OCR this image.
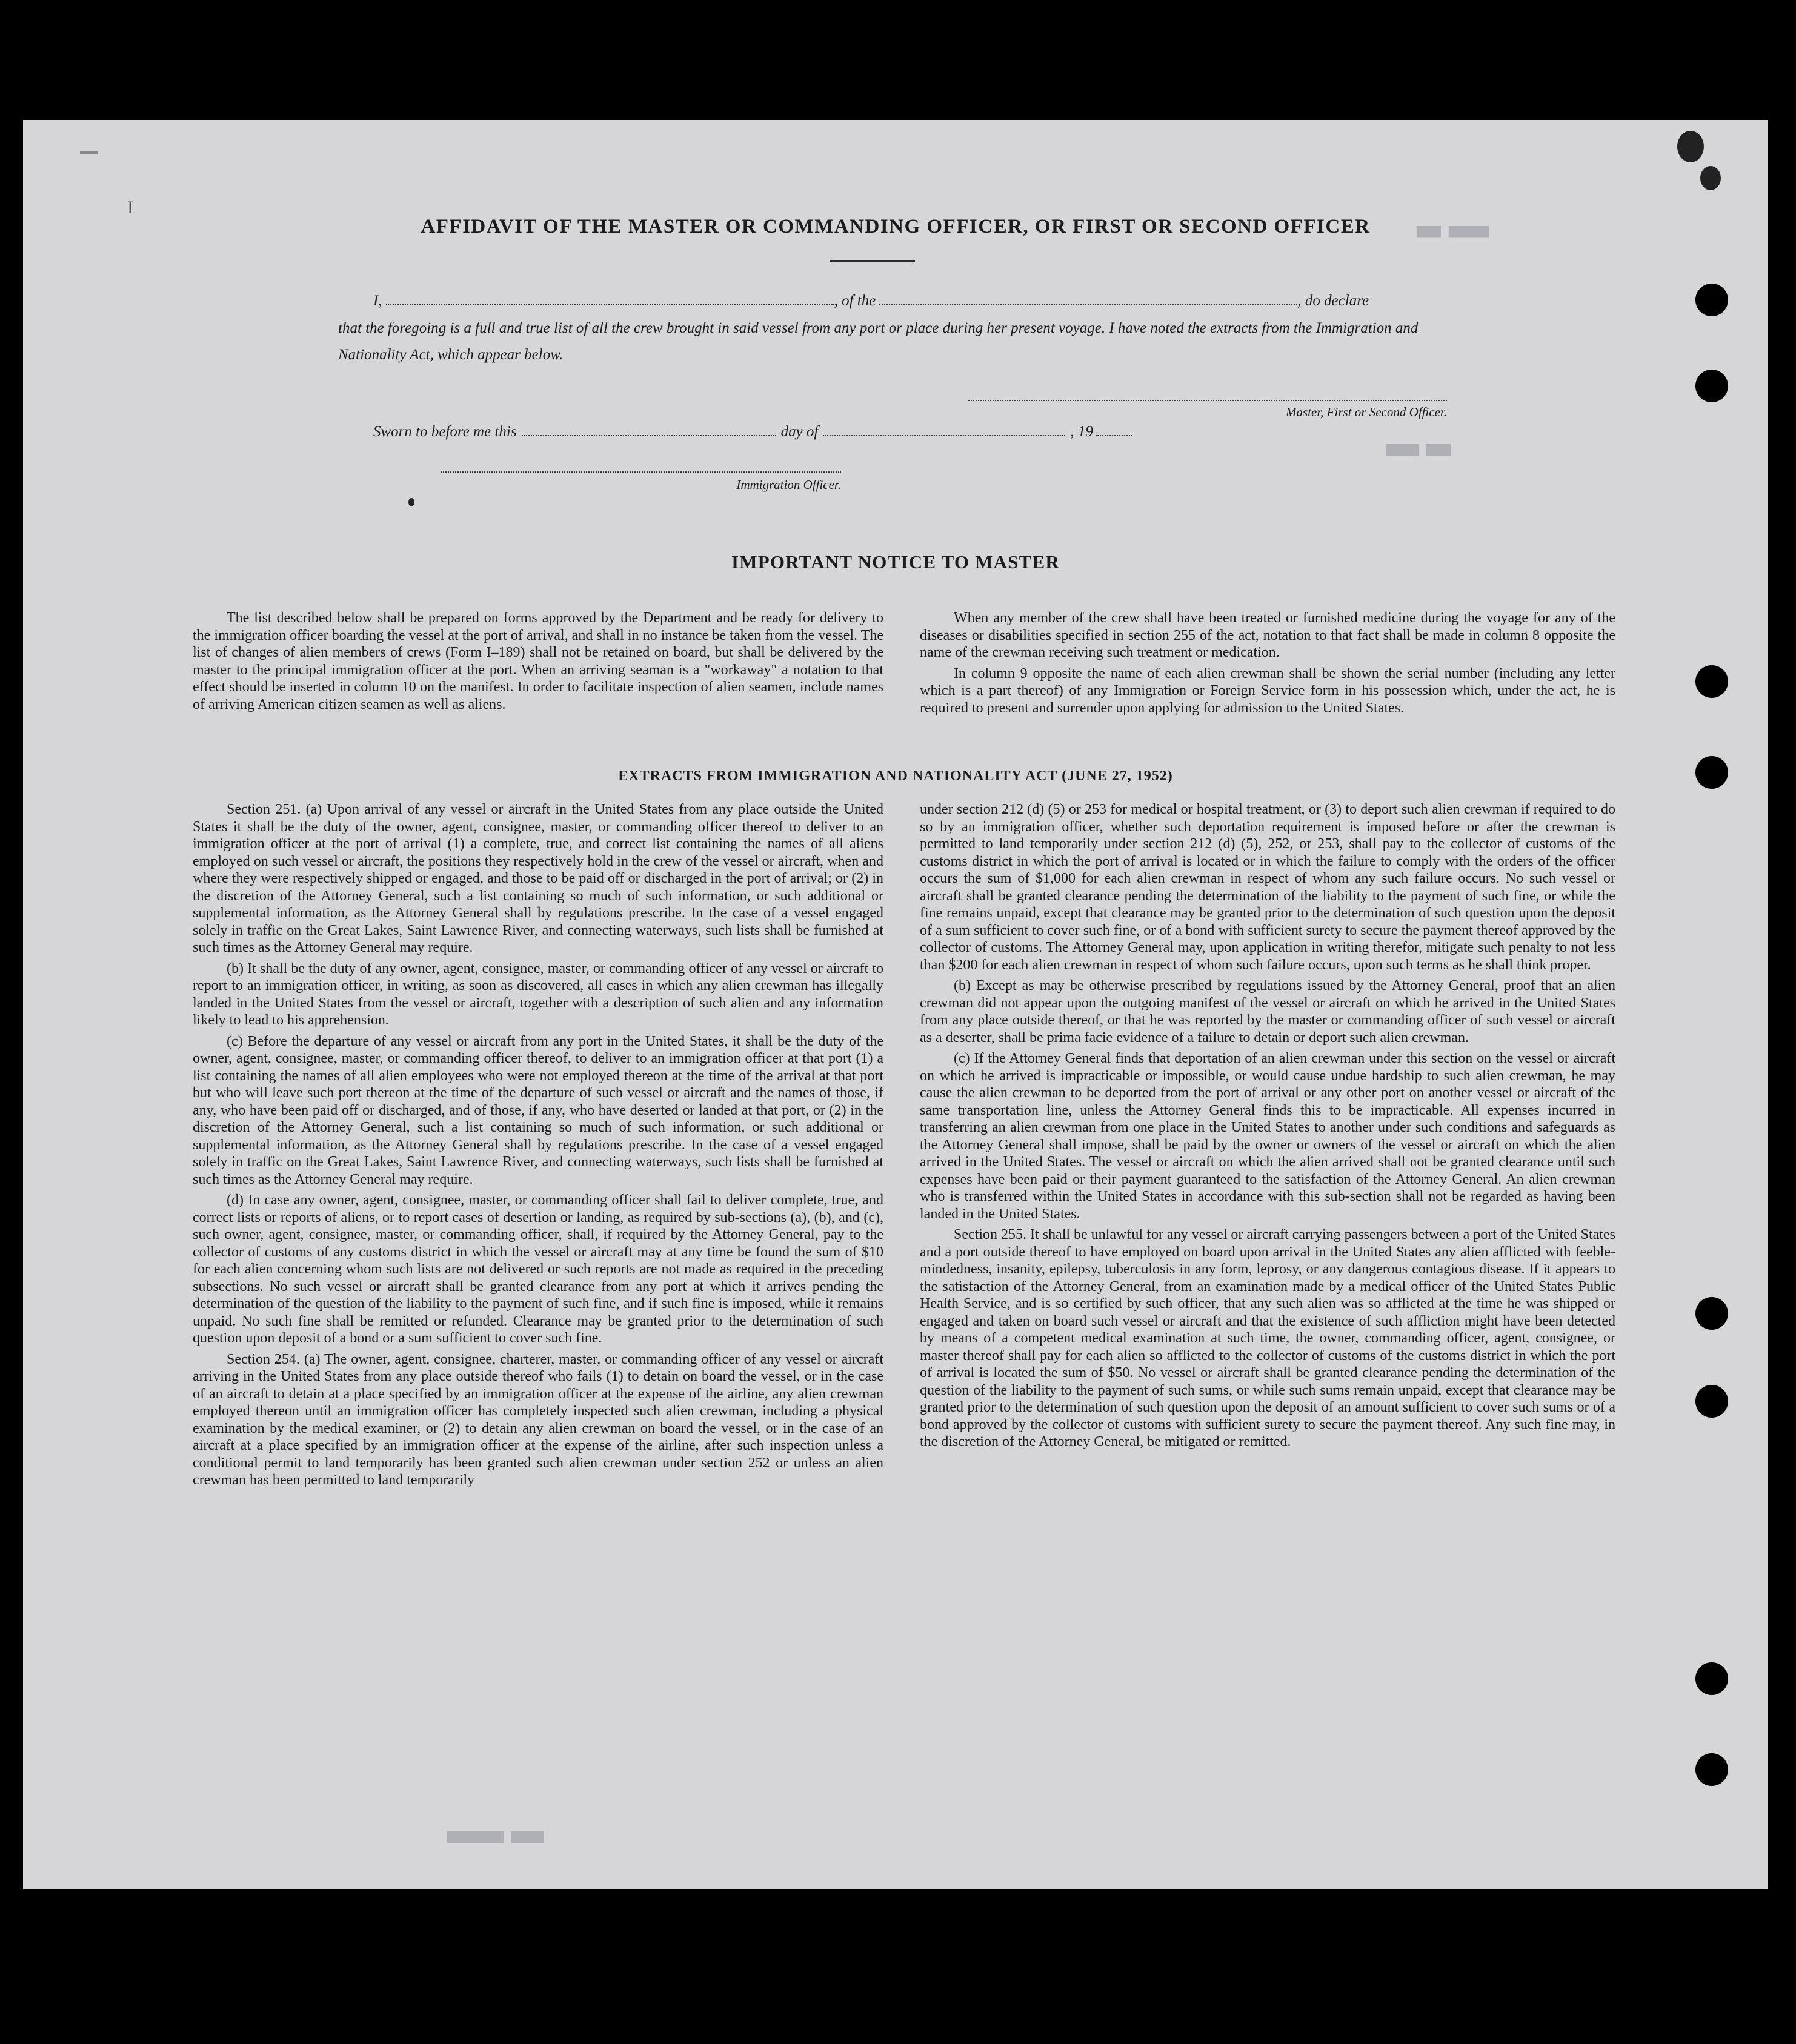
▆▆▆ ▆▆▆▆▆
▆▆▆▆ ▆▆▆
▆▆▆▆▆▆▆ ▆▆▆▆
I
AFFIDAVIT OF THE MASTER OR COMMANDING OFFICER, OR FIRST OR SECOND OFFICER
I,	, of the	, do declare
that the foregoing is a full and true list of all the crew brought in said vessel from any port or place during her present voyage. I have noted the extracts from the Immigration and Nationality Act, which appear below.
Master, First or Second Officer.
Sworn to before me this	day of	, 19
Immigration Officer.
IMPORTANT NOTICE TO MASTER

The list described below shall be prepared on forms approved by the Department and be ready for delivery to the immigration officer boarding the vessel at the port of arrival, and shall in no instance be taken from the vessel. The list of changes of alien members of crews (Form I–189) shall not be retained on board, but shall be delivered by the master to the principal immigration officer at the port. When an arriving seaman is a "workaway" a notation to that effect should be inserted in column 10 on the manifest. In order to facilitate inspection of alien seamen, include names of arriving American citizen seamen as well as aliens.

When any member of the crew shall have been treated or furnished medicine during the voyage for any of the diseases or disabilities specified in section 255 of the act, notation to that fact shall be made in column 8 opposite the name of the crewman receiving such treatment or medication.

In column 9 opposite the name of each alien crewman shall be shown the serial number (including any letter which is a part thereof) of any Immigration or Foreign Service form in his possession which, under the act, he is required to present and surrender upon applying for admission to the United States.

EXTRACTS FROM IMMIGRATION AND NATIONALITY ACT (JUNE 27, 1952)

Section 251. (a) Upon arrival of any vessel or aircraft in the United States from any place outside the United States it shall be the duty of the owner, agent, consignee, master, or commanding officer thereof to deliver to an immigration officer at the port of arrival (1) a complete, true, and correct list containing the names of all aliens employed on such vessel or aircraft, the positions they respectively hold in the crew of the vessel or aircraft, when and where they were respectively shipped or engaged, and those to be paid off or discharged in the port of arrival; or (2) in the discretion of the Attorney General, such a list containing so much of such information, or such additional or supplemental information, as the Attorney General shall by regulations prescribe. In the case of a vessel engaged solely in traffic on the Great Lakes, Saint Lawrence River, and connecting waterways, such lists shall be furnished at such times as the Attorney General may require.

(b) It shall be the duty of any owner, agent, consignee, master, or commanding officer of any vessel or aircraft to report to an immigration officer, in writing, as soon as discovered, all cases in which any alien crewman has illegally landed in the United States from the vessel or aircraft, together with a description of such alien and any information likely to lead to his apprehension.

(c) Before the departure of any vessel or aircraft from any port in the United States, it shall be the duty of the owner, agent, consignee, master, or commanding officer thereof, to deliver to an immigration officer at that port (1) a list containing the names of all alien employees who were not employed thereon at the time of the arrival at that port but who will leave such port thereon at the time of the departure of such vessel or aircraft and the names of those, if any, who have been paid off or discharged, and of those, if any, who have deserted or landed at that port, or (2) in the discretion of the Attorney General, such a list containing so much of such information, or such additional or supplemental information, as the Attorney General shall by regulations prescribe. In the case of a vessel engaged solely in traffic on the Great Lakes, Saint Lawrence River, and connecting waterways, such lists shall be furnished at such times as the Attorney General may require.

(d) In case any owner, agent, consignee, master, or commanding officer shall fail to deliver complete, true, and correct lists or reports of aliens, or to report cases of desertion or landing, as required by sub-sections (a), (b), and (c), such owner, agent, consignee, master, or commanding officer, shall, if required by the Attorney General, pay to the collector of customs of any customs district in which the vessel or aircraft may at any time be found the sum of $10 for each alien concerning whom such lists are not delivered or such reports are not made as required in the preceding subsections. No such vessel or aircraft shall be granted clearance from any port at which it arrives pending the determination of the question of the liability to the payment of such fine, and if such fine is imposed, while it remains unpaid. No such fine shall be remitted or refunded. Clearance may be granted prior to the determination of such question upon deposit of a bond or a sum sufficient to cover such fine.

Section 254. (a) The owner, agent, consignee, charterer, master, or commanding officer of any vessel or aircraft arriving in the United States from any place outside thereof who fails (1) to detain on board the vessel, or in the case of an aircraft to detain at a place specified by an immigration officer at the expense of the airline, any alien crewman employed thereon until an immigration officer has completely inspected such alien crewman, including a physical examination by the medical examiner, or (2) to detain any alien crewman on board the vessel, or in the case of an aircraft at a place specified by an immigration officer at the expense of the airline, after such inspection unless a conditional permit to land temporarily has been granted such alien crewman under section 252 or unless an alien crewman has been permitted to land temporarily

under section 212 (d) (5) or 253 for medical or hospital treatment, or (3) to deport such alien crewman if required to do so by an immigration officer, whether such deportation requirement is imposed before or after the crewman is permitted to land temporarily under section 212 (d) (5), 252, or 253, shall pay to the collector of customs of the customs district in which the port of arrival is located or in which the failure to comply with the orders of the officer occurs the sum of $1,000 for each alien crewman in respect of whom any such failure occurs. No such vessel or aircraft shall be granted clearance pending the determination of the liability to the payment of such fine, or while the fine remains unpaid, except that clearance may be granted prior to the determination of such question upon the deposit of a sum sufficient to cover such fine, or of a bond with sufficient surety to secure the payment thereof approved by the collector of customs. The Attorney General may, upon application in writing therefor, mitigate such penalty to not less than $200 for each alien crewman in respect of whom such failure occurs, upon such terms as he shall think proper.

(b) Except as may be otherwise prescribed by regulations issued by the Attorney General, proof that an alien crewman did not appear upon the outgoing manifest of the vessel or aircraft on which he arrived in the United States from any place outside thereof, or that he was reported by the master or commanding officer of such vessel or aircraft as a deserter, shall be prima facie evidence of a failure to detain or deport such alien crewman.

(c) If the Attorney General finds that deportation of an alien crewman under this section on the vessel or aircraft on which he arrived is impracticable or impossible, or would cause undue hardship to such alien crewman, he may cause the alien crewman to be deported from the port of arrival or any other port on another vessel or aircraft of the same transportation line, unless the Attorney General finds this to be impracticable. All expenses incurred in transferring an alien crewman from one place in the United States to another under such conditions and safeguards as the Attorney General shall impose, shall be paid by the owner or owners of the vessel or aircraft on which the alien arrived in the United States. The vessel or aircraft on which the alien arrived shall not be granted clearance until such expenses have been paid or their payment guaranteed to the satisfaction of the Attorney General. An alien crewman who is transferred within the United States in accordance with this sub-section shall not be regarded as having been landed in the United States.

Section 255. It shall be unlawful for any vessel or aircraft carrying passengers between a port of the United States and a port outside thereof to have employed on board upon arrival in the United States any alien afflicted with feeble-mindedness, insanity, epilepsy, tuberculosis in any form, leprosy, or any dangerous contagious disease. If it appears to the satisfaction of the Attorney General, from an examination made by a medical officer of the United States Public Health Service, and is so certified by such officer, that any such alien was so afflicted at the time he was shipped or engaged and taken on board such vessel or aircraft and that the existence of such affliction might have been detected by means of a competent medical examination at such time, the owner, commanding officer, agent, consignee, or master thereof shall pay for each alien so afflicted to the collector of customs of the customs district in which the port of arrival is located the sum of $50. No vessel or aircraft shall be granted clearance pending the determination of the question of the liability to the payment of such sums, or while such sums remain unpaid, except that clearance may be granted prior to the determination of such question upon the deposit of an amount sufficient to cover such sums or of a bond approved by the collector of customs with sufficient surety to secure the payment thereof. Any such fine may, in the discretion of the Attorney General, be mitigated or remitted.
